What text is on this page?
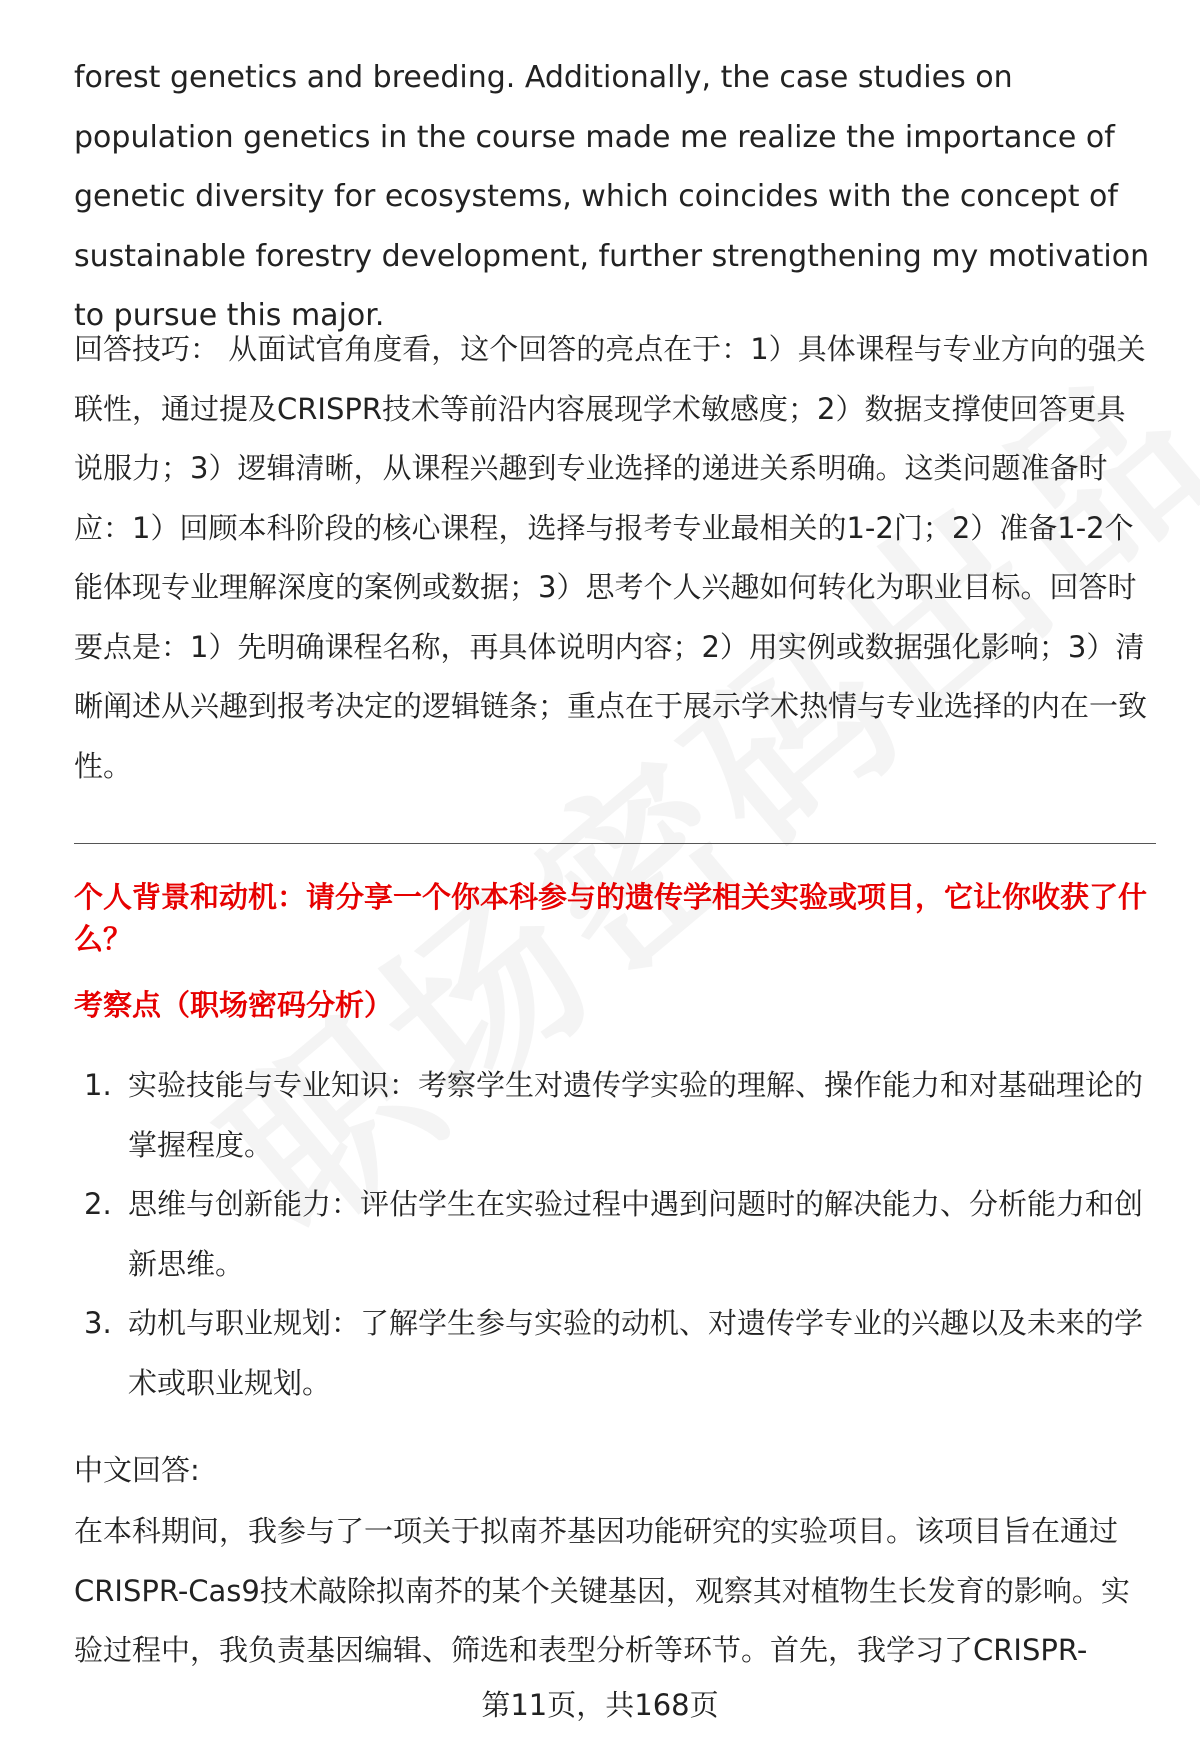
forest genetics and breeding. Additionally, the case studies on population genetics in the course made me realize the importance of genetic diversity for ecosystems, which coincides with the concept of sustainable forestry development, further strengthening my motivation to pursue this major.

回答技巧： 从面试官角度看，这个回答的亮点在于：1）具体课程与专业方向的强关联性，通过提及CRISPR技术等前沿内容展现学术敏感度；2）数据支撑使回答更具说服力；3）逻辑清晰，从课程兴趣到专业选择的递进关系明确。这类问题准备时应：1）回顾本科阶段的核心课程，选择与报考专业最相关的1-2门；2）准备1-2个能体现专业理解深度的案例或数据；3）思考个人兴趣如何转化为职业目标。回答时要点是：1）先明确课程名称，再具体说明内容；2）用实例或数据强化影响；3）清晰阐述从兴趣到报考决定的逻辑链条；重点在于展示学术热情与专业选择的内在一致性。

个人背景和动机：请分享一个你本科参与的遗传学相关实验或项目，它让你收获了什么？

考察点（职场密码分析）

1. 实验技能与专业知识：考察学生对遗传学实验的理解、操作能力和对基础理论的掌握程度。
2. 思维与创新能力：评估学生在实验过程中遇到问题时的解决能力、分析能力和创新思维。
3. 动机与职业规划：了解学生参与实验的动机、对遗传学专业的兴趣以及未来的学术或职业规划。

中文回答:

在本科期间，我参与了一项关于拟南芥基因功能研究的实验项目。该项目旨在通过CRISPR-Cas9技术敲除拟南芥的某个关键基因，观察其对植物生长发育的影响。实验过程中，我负责基因编辑、筛选和表型分析等环节。首先，我学习了CRISPR-

第11页，共168页
